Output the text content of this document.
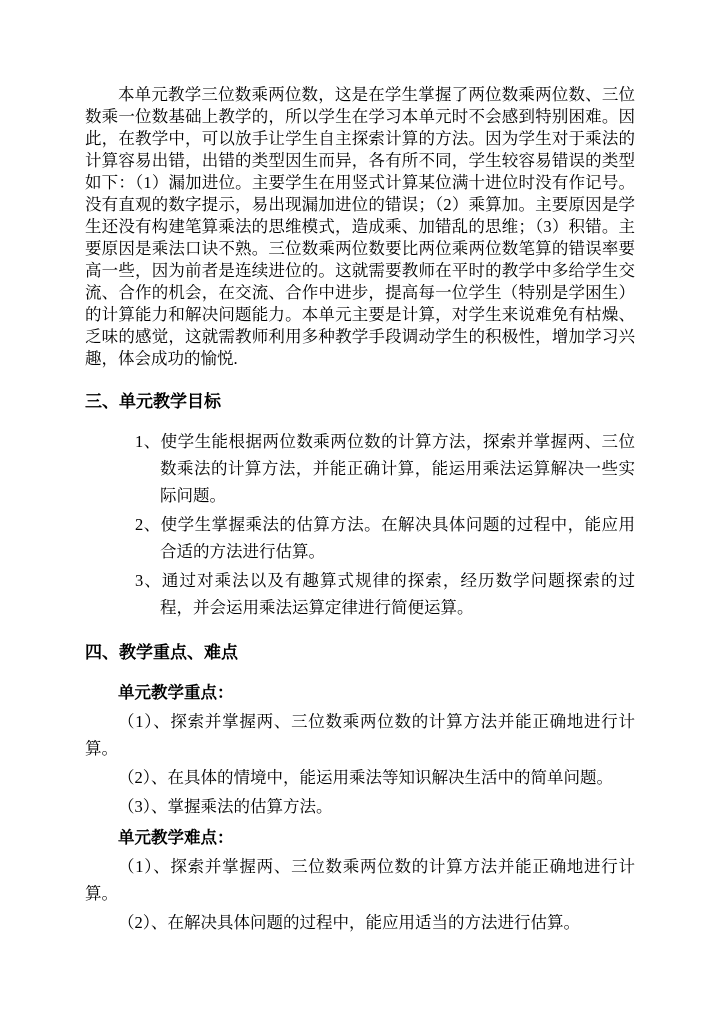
本单元教学三位数乘两位数，这是在学生掌握了两位数乘两位数、三位数乘一位数基础上教学的，所以学生在学习本单元时不会感到特别困难。因此，在教学中，可以放手让学生自主探索计算的方法。因为学生对于乘法的计算容易出错，出错的类型因生而异，各有所不同，学生较容易错误的类型如下：（1）漏加进位。主要学生在用竖式计算某位满十进位时没有作记号。没有直观的数字提示，易出现漏加进位的错误；（2）乘算加。主要原因是学生还没有构建笔算乘法的思维模式，造成乘、加错乱的思维；（3）积错。主要原因是乘法口诀不熟。三位数乘两位数要比两位乘两位数笔算的错误率要高一些，因为前者是连续进位的。这就需要教师在平时的教学中多给学生交流、合作的机会，在交流、合作中进步，提高每一位学生（特别是学困生）的计算能力和解决问题能力。本单元主要是计算，对学生来说难免有枯燥、乏味的感觉，这就需教师利用多种教学手段调动学生的积极性，增加学习兴趣，体会成功的愉悦.

三、单元教学目标

1、使学生能根据两位数乘两位数的计算方法，探索并掌握两、三位数乘法的计算方法，并能正确计算，能运用乘法运算解决一些实际问题。
2、使学生掌握乘法的估算方法。在解决具体问题的过程中，能应用合适的方法进行估算。
3、通过对乘法以及有趣算式规律的探索，经历数学问题探索的过程，并会运用乘法运算定律进行简便运算。

四、教学重点、难点

单元教学重点：

（1）、探索并掌握两、三位数乘两位数的计算方法并能正确地进行计算。

（2）、在具体的情境中，能运用乘法等知识解决生活中的简单问题。

（3）、掌握乘法的估算方法。

单元教学难点：

（1）、探索并掌握两、三位数乘两位数的计算方法并能正确地进行计算。

（2）、在解决具体问题的过程中，能应用适当的方法进行估算。
